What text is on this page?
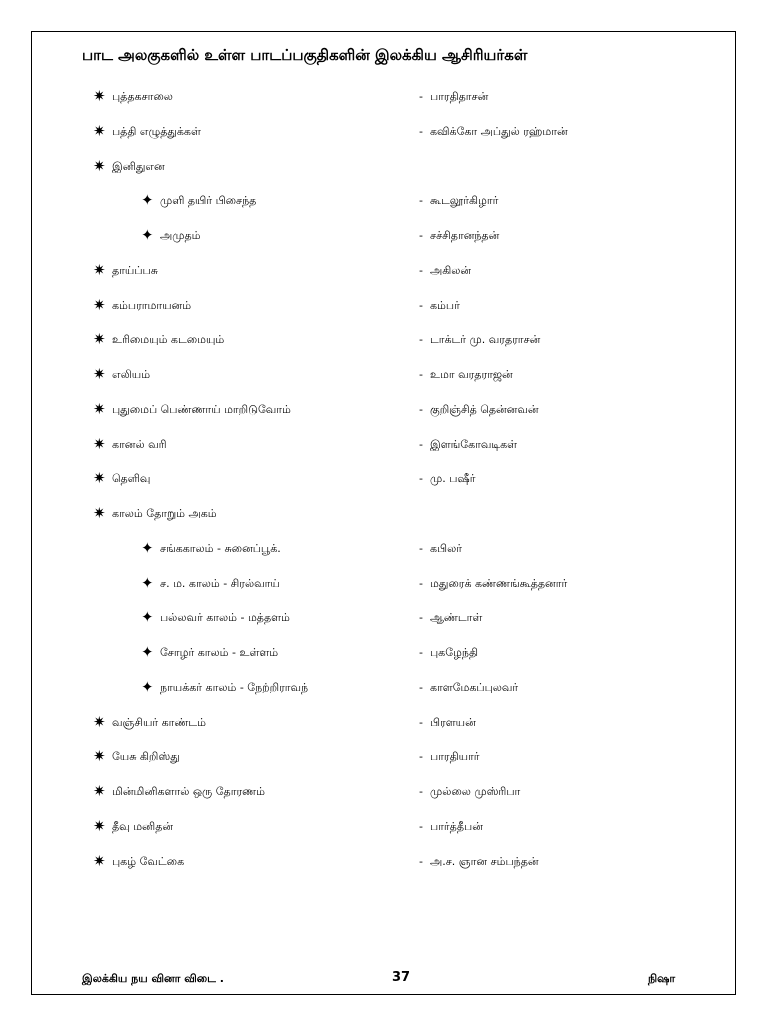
பாட அலகுகளில் உள்ள பாடப்பகுதிகளின் இலக்கிய ஆசிரியர்கள்
✷ புத்தகசாலை	- பாரதிதாசன்
✷ பத்தி எழுத்துக்கள்	- கவிக்கோ அப்துல் ரஹ்மான்
✷ இனிதுஎன
✦ முளி தயிர் பிசைந்த	- கூடலூர்கிழார்
✦ அமுதம்	- சச்சிதானந்தன்
✷ தாய்ப்பசு	- அகிலன்
✷ கம்பராமாயனம்	- கம்பர்
✷ உரிமையும் கடமையும்	- டாக்டர் மு. வரதராசன்
✷ எலியம்	- உமா வரதராஜன்
✷ புதுமைப் பெண்ணாய் மாறிடுவோம்	- குறிஞ்சித் தென்னவன்
✷ கானல் வரி	- இளங்கோவடிகள்
✷ தெளிவு	- மு. பஷீர்
✷ காலம் தோறும் அகம்
✦ சங்ககாலம் - சுனைப்பூக்.	- கபிலர்
✦ ச. ம. காலம் - சிரல்வாய்	- மதுரைக் கண்ணங்கூத்தனார்
✦ பல்லவர் காலம் - மத்தளம்	- ஆண்டாள்
✦ சோழர் காலம் - உள்ளம்	- புகழேந்தி
✦ நாயக்கர் காலம் - நேற்றிராவந்	- காளமேகப்புலவர்
✷ வஞ்சியர் காண்டம்	- பிரளயன்
✷ யேசு கிறிஸ்து	- பாரதியார்
✷ மின்மினிகளால் ஒரு தோரணம்	- முல்லை முஸ்ரிபா
✷ தீவு மனிதன்	- பார்த்தீபன்
✷ புகழ் வேட்கை	- அ.ச. ஞான சம்பந்தன்
இலக்கிய நய வினா விடை .	37	நிஷா
